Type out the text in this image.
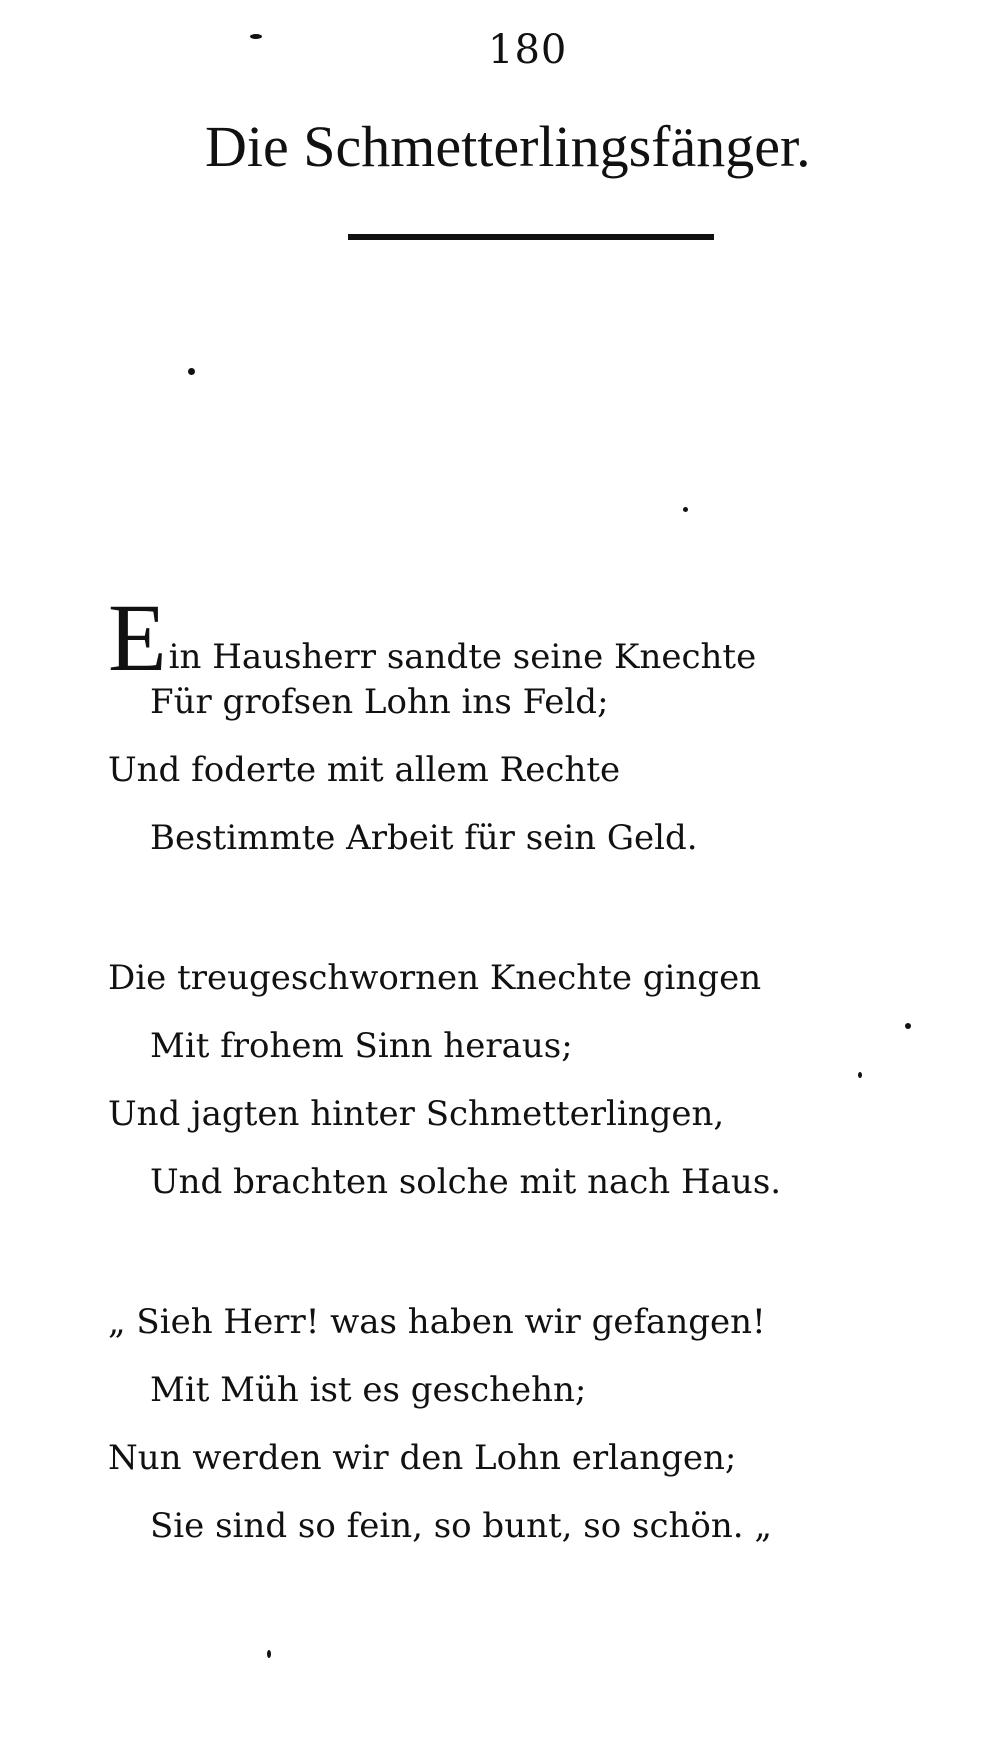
180
Die Schmetterlingsfänger.
Ein Hausherr sandte seine Knechte
Für grofsen Lohn ins Feld;
Und foderte mit allem Rechte
Bestimmte Arbeit für sein Geld.
Die treugeschwornen Knechte gingen
Mit frohem Sinn heraus;
Und jagten hinter Schmetterlingen,
Und brachten solche mit nach Haus.
„ Sieh Herr! was haben wir gefangen!
Mit Müh ist es geschehn;
Nun werden wir den Lohn erlangen;
Sie sind so fein, so bunt, so schön. „
